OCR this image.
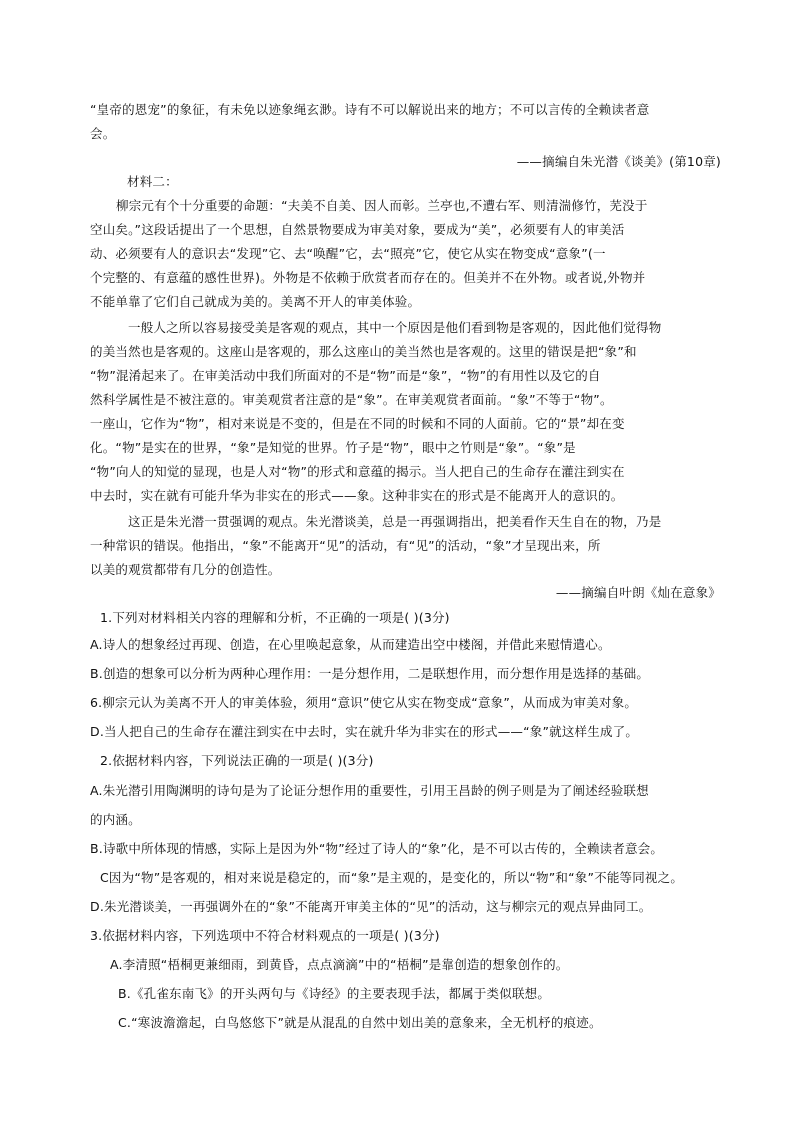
“皇帝的恩宠”的象征，有未免以迹象绳玄渺。诗有不可以解说出来的地方；不可以言传的全赖读者意
会。
——摘编自朱光潜《谈美》(第10章)
材料二：
柳宗元有个十分重要的命题：“夫美不自美、因人而彰。兰亭也,不遭右军、则清湍修竹，芜没于
空山矣。”这段话提出了一个思想，自然景物要成为审美对象，要成为“美”，必须要有人的审美活
动、必须要有人的意识去“发现”它、去“唤醒”它，去“照亮”它，使它从实在物变成“意象”(一
个完整的、有意蕴的感性世界)。外物是不依赖于欣赏者而存在的。但美并不在外物。或者说,外物并
不能单靠了它们自己就成为美的。美离不开人的审美体验。
一般人之所以容易接受美是客观的观点，其中一个原因是他们看到物是客观的，因此他们觉得物
的美当然也是客观的。这座山是客观的，那么这座山的美当然也是客观的。这里的错误是把“象”和
“物”混淆起来了。在审美活动中我们所面对的不是“物”而是“象”，“物”的有用性以及它的自
然科学属性是不被注意的。审美观赏者注意的是“象”。在审美观赏者面前。“象”不等于“物”。
一座山，它作为“物”，相对来说是不变的，但是在不同的时候和不同的人面前。它的“景”却在变
化。“物”是实在的世界，“象”是知觉的世界。竹子是“物”，眼中之竹则是“象”。“象”是
“物”向人的知觉的显现，也是人对“物”的形式和意蕴的揭示。当人把自己的生命存在灌注到实在
中去时，实在就有可能升华为非实在的形式——象。这种非实在的形式是不能离开人的意识的。
这正是朱光潜一贯强调的观点。朱光潜谈美，总是一再强调指出，把美看作天生自在的物，乃是
一种常识的错误。他指出，“象”不能离开“见”的活动，有“见”的活动，“象”才呈现出来，所
以美的观赏都带有几分的创造性。
——摘编自叶朗《灿在意象》
1.下列对材料相关内容的理解和分析，不正确的一项是( )(3分)
A.诗人的想象经过再现、创造，在心里唤起意象，从而建造出空中楼阁，并借此来慰情遣心。
B.创造的想象可以分析为两种心理作用：一是分想作用，二是联想作用，而分想作用是选择的基础。
6.柳宗元认为美离不开人的审美体验，须用“意识”使它从实在物变成“意象”，从而成为审美对象。
D.当人把自己的生命存在灌注到实在中去时，实在就升华为非实在的形式——“象”就这样生成了。
2.依据材料内容，下列说法正确的一项是( )(3分)
A.朱光潜引用陶渊明的诗句是为了论证分想作用的重要性，引用王昌龄的例子则是为了阐述经验联想
的内涵。
B.诗歌中所体现的情感，实际上是因为外“物”经过了诗人的“象”化，是不可以古传的，全赖读者意会。
C因为“物”是客观的，相对来说是稳定的，而“象”是主观的，是变化的，所以“物”和“象”不能等同视之。
D.朱光潜谈美，一再强调外在的“象”不能离开审美主体的“见”的活动，这与柳宗元的观点异曲同工。
3.依据材料内容，下列选项中不符合材料观点的一项是( )(3分)
A.李清照“梧桐更兼细雨，到黄昏，点点滴滴”中的“梧桐”是靠创造的想象创作的。
B.《孔雀东南飞》的开头两句与《诗经》的主要表现手法，都属于类似联想。
C.“寒波澹澹起，白鸟悠悠下”就是从混乱的自然中划出美的意象来，全无机杼的痕迹。
